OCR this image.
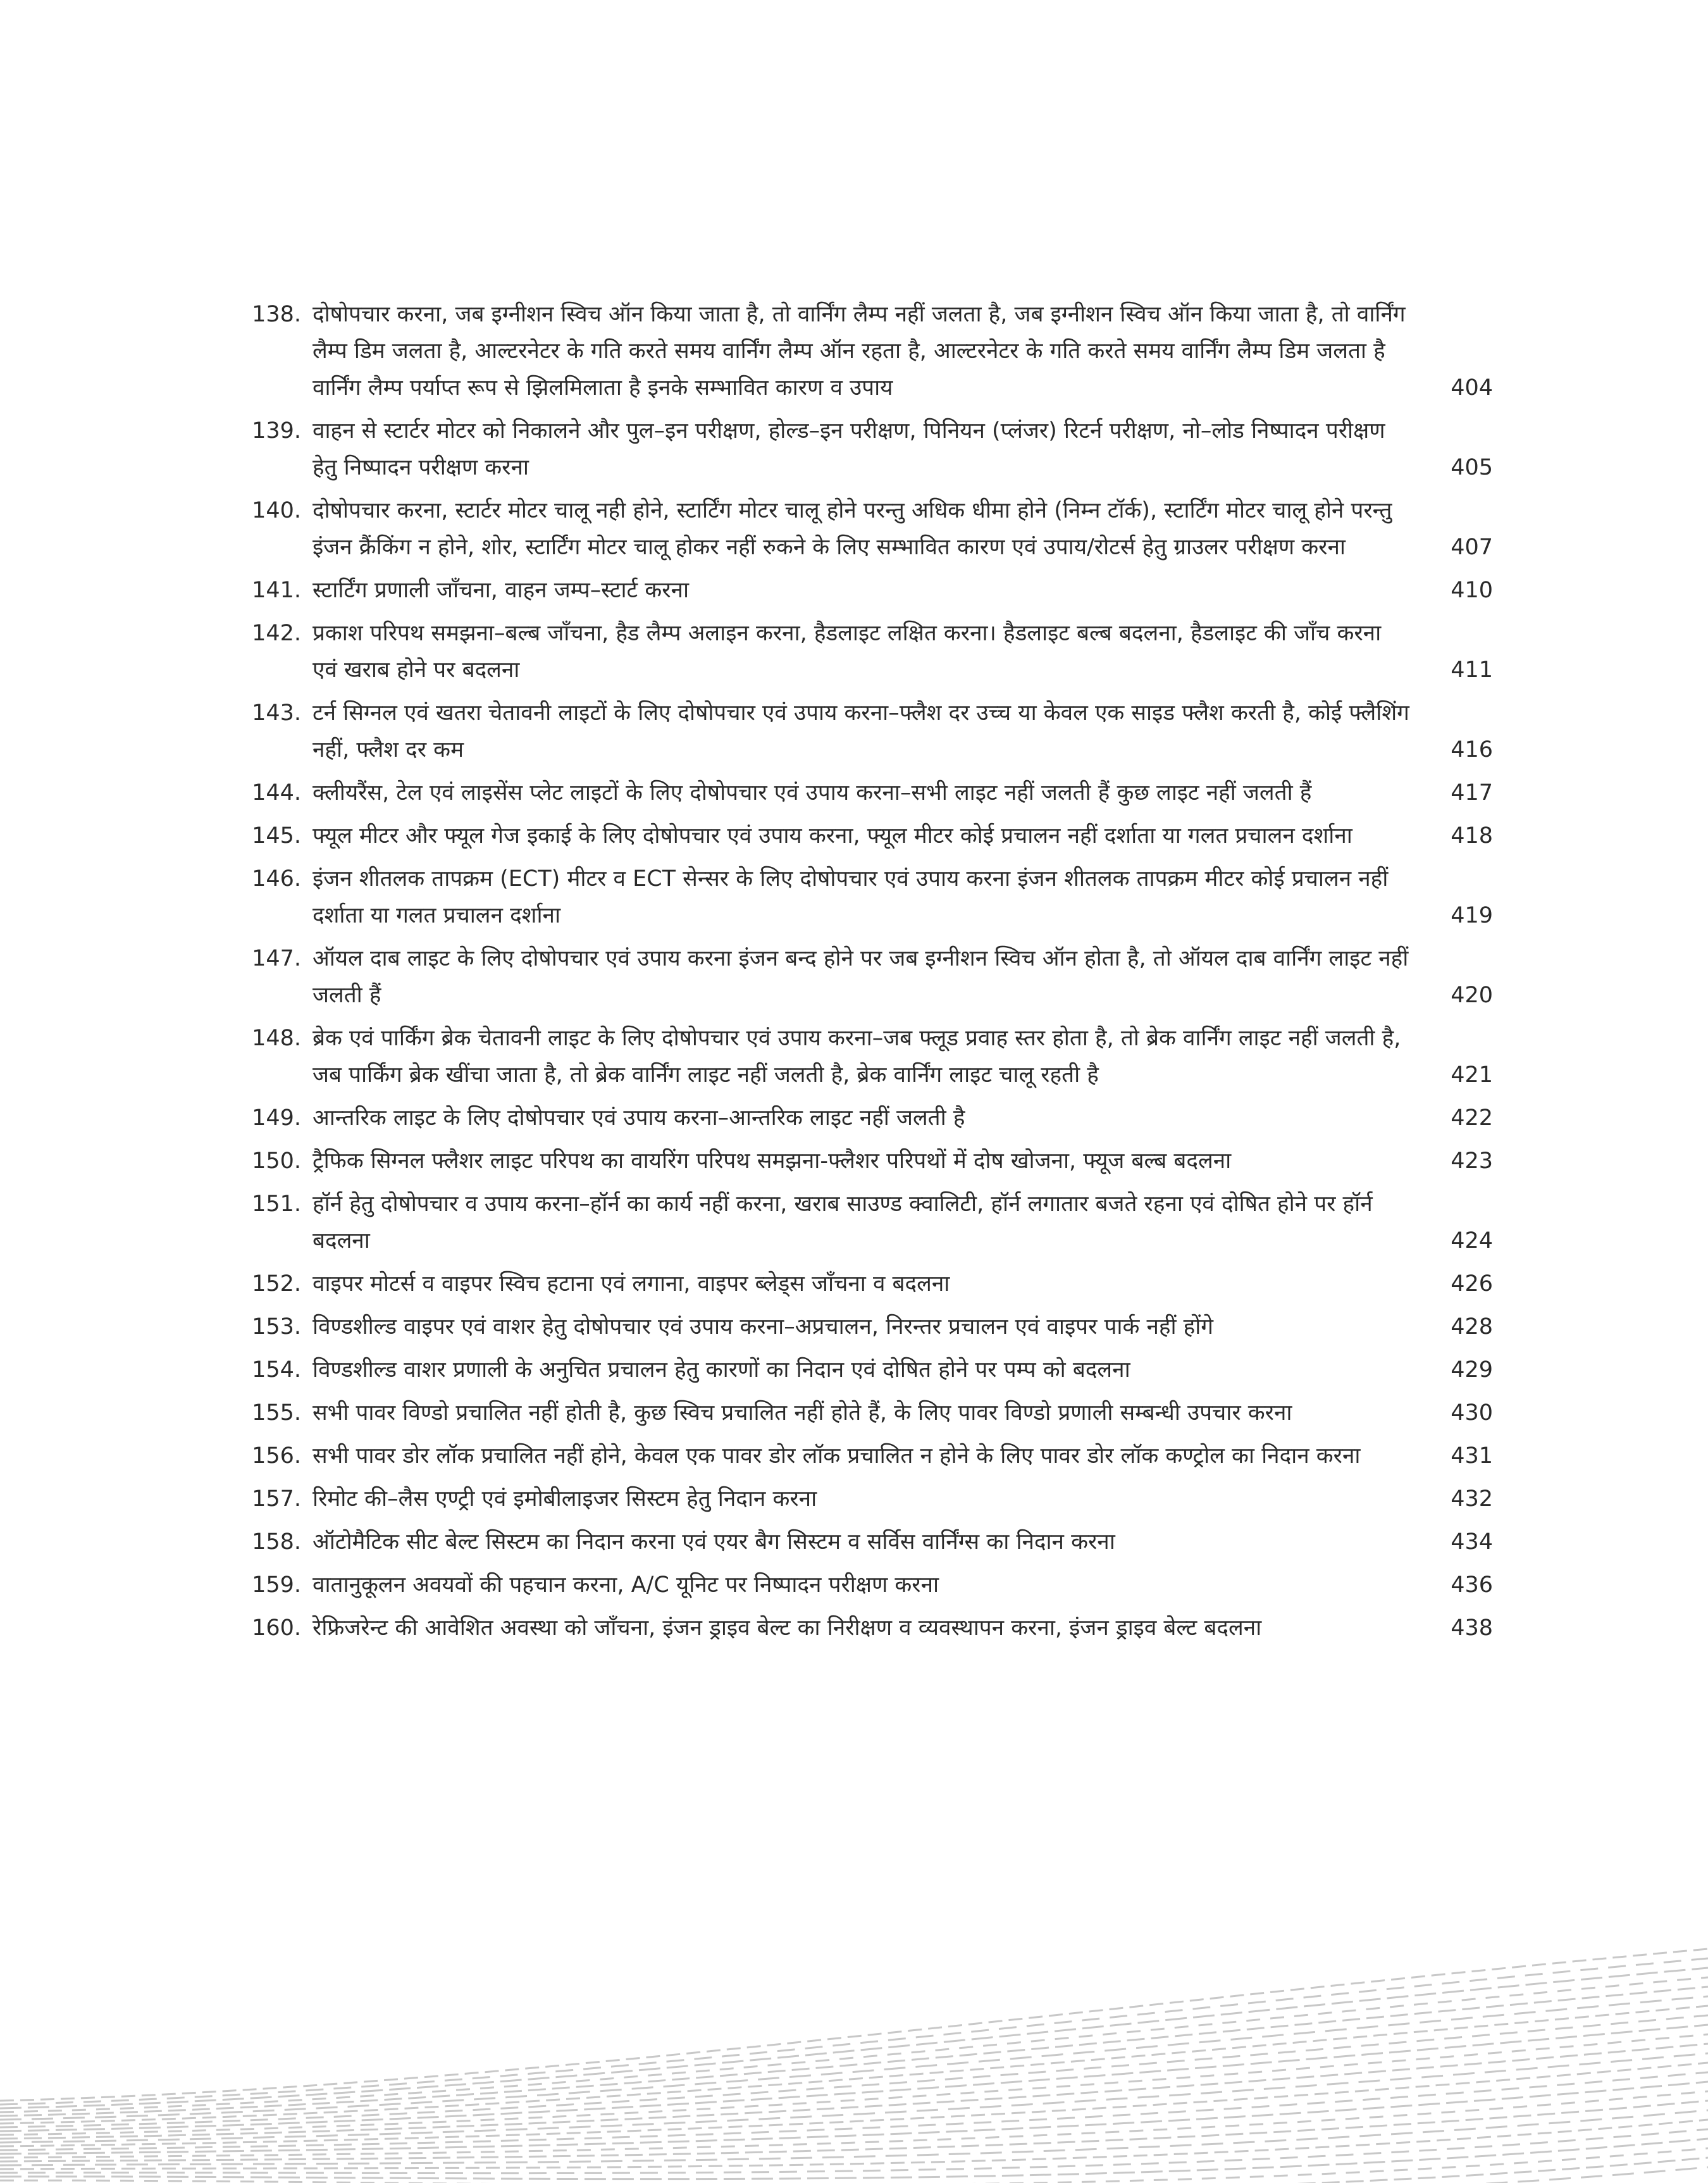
138. दोषोपचार करना, जब इग्नीशन स्विच ऑन किया जाता है, तो वार्निंग लैम्प नहीं जलता है, जब इग्नीशन स्विच ऑन किया जाता है, तो वार्निंग लैम्प डिम जलता है, आल्टरनेटर के गति करते समय वार्निंग लैम्प ऑन रहता है, आल्टरनेटर के गति करते समय वार्निंग लैम्प डिम जलता है वार्निंग लैम्प पर्याप्त रूप से झिलमिलाता है इनके सम्भावित कारण व उपाय	404
139. वाहन से स्टार्टर मोटर को निकालने और पुल–इन परीक्षण, होल्ड–इन परीक्षण, पिनियन (प्लंजर) रिटर्न परीक्षण, नो–लोड निष्पादन परीक्षण हेतु निष्पादन परीक्षण करना	405
140. दोषोपचार करना, स्टार्टर मोटर चालू नही होने, स्टार्टिंग मोटर चालू होने परन्तु अधिक धीमा होने (निम्न टॉर्क), स्टार्टिंग मोटर चालू होने परन्तु इंजन क्रैंकिंग न होने, शोर, स्टार्टिंग मोटर चालू होकर नहीं रुकने के लिए सम्भावित कारण एवं उपाय/रोटर्स हेतु ग्राउलर परीक्षण करना	407
141. स्टार्टिंग प्रणाली जाँचना, वाहन जम्प–स्टार्ट करना	410
142. प्रकाश परिपथ समझना–बल्ब जाँचना, हैड लैम्प अलाइन करना, हैडलाइट लक्षित करना। हैडलाइट बल्ब बदलना, हैडलाइट की जाँच करना एवं खराब होने पर बदलना	411
143. टर्न सिग्नल एवं खतरा चेतावनी लाइटों के लिए दोषोपचार एवं उपाय करना–फ्लैश दर उच्च या केवल एक साइड फ्लैश करती है, कोई फ्लैशिंग नहीं, फ्लैश दर कम	416
144. क्लीयरैंस, टेल एवं लाइसेंस प्लेट लाइटों के लिए दोषोपचार एवं उपाय करना–सभी लाइट नहीं जलती हैं कुछ लाइट नहीं जलती हैं	417
145. फ्यूल मीटर और फ्यूल गेज इकाई के लिए दोषोपचार एवं उपाय करना, फ्यूल मीटर कोई प्रचालन नहीं दर्शाता या गलत प्रचालन दर्शाना	418
146. इंजन शीतलक तापक्रम (ECT) मीटर व ECT सेन्सर के लिए दोषोपचार एवं उपाय करना इंजन शीतलक तापक्रम मीटर कोई प्रचालन नहीं दर्शाता या गलत प्रचालन दर्शाना	419
147. ऑयल दाब लाइट के लिए दोषोपचार एवं उपाय करना इंजन बन्द होने पर जब इग्नीशन स्विच ऑन होता है, तो ऑयल दाब वार्निंग लाइट नहीं जलती हैं	420
148. ब्रेक एवं पार्किंग ब्रेक चेतावनी लाइट के लिए दोषोपचार एवं उपाय करना–जब फ्लूड प्रवाह स्तर होता है, तो ब्रेक वार्निंग लाइट नहीं जलती है, जब पार्किंग ब्रेक खींचा जाता है, तो ब्रेक वार्निंग लाइट नहीं जलती है, ब्रेक वार्निंग लाइट चालू रहती है	421
149. आन्तरिक लाइट के लिए दोषोपचार एवं उपाय करना–आन्तरिक लाइट नहीं जलती है	422
150. ट्रैफिक सिग्नल फ्लैशर लाइट परिपथ का वायरिंग परिपथ समझना-फ्लैशर परिपथों में दोष खोजना, फ्यूज बल्ब बदलना	423
151. हॉर्न हेतु दोषोपचार व उपाय करना–हॉर्न का कार्य नहीं करना, खराब साउण्ड क्वालिटी, हॉर्न लगातार बजते रहना एवं दोषित होने पर हॉर्न बदलना	424
152. वाइपर मोटर्स व वाइपर स्विच हटाना एवं लगाना, वाइपर ब्लेड्स जाँचना व बदलना	426
153. विण्डशील्ड वाइपर एवं वाशर हेतु दोषोपचार एवं उपाय करना–अप्रचालन, निरन्तर प्रचालन एवं वाइपर पार्क नहीं होंगे	428
154. विण्डशील्ड वाशर प्रणाली के अनुचित प्रचालन हेतु कारणों का निदान एवं दोषित होने पर पम्प को बदलना	429
155. सभी पावर विण्डो प्रचालित नहीं होती है, कुछ स्विच प्रचालित नहीं होते हैं, के लिए पावर विण्डो प्रणाली सम्बन्धी उपचार करना	430
156. सभी पावर डोर लॉक प्रचालित नहीं होने, केवल एक पावर डोर लॉक प्रचालित न होने के लिए पावर डोर लॉक कण्ट्रोल का निदान करना	431
157. रिमोट की–लैस एण्ट्री एवं इमोबीलाइजर सिस्टम हेतु निदान करना	432
158. ऑटोमैटिक सीट बेल्ट सिस्टम का निदान करना एवं एयर बैग सिस्टम व सर्विस वार्निंग्स का निदान करना	434
159. वातानुकूलन अवयवों की पहचान करना, A/C यूनिट पर निष्पादन परीक्षण करना	436
160. रेफ्रिजरेन्ट की आवेशित अवस्था को जाँचना, इंजन ड्राइव बेल्ट का निरीक्षण व व्यवस्थापन करना, इंजन ड्राइव बेल्ट बदलना	438
